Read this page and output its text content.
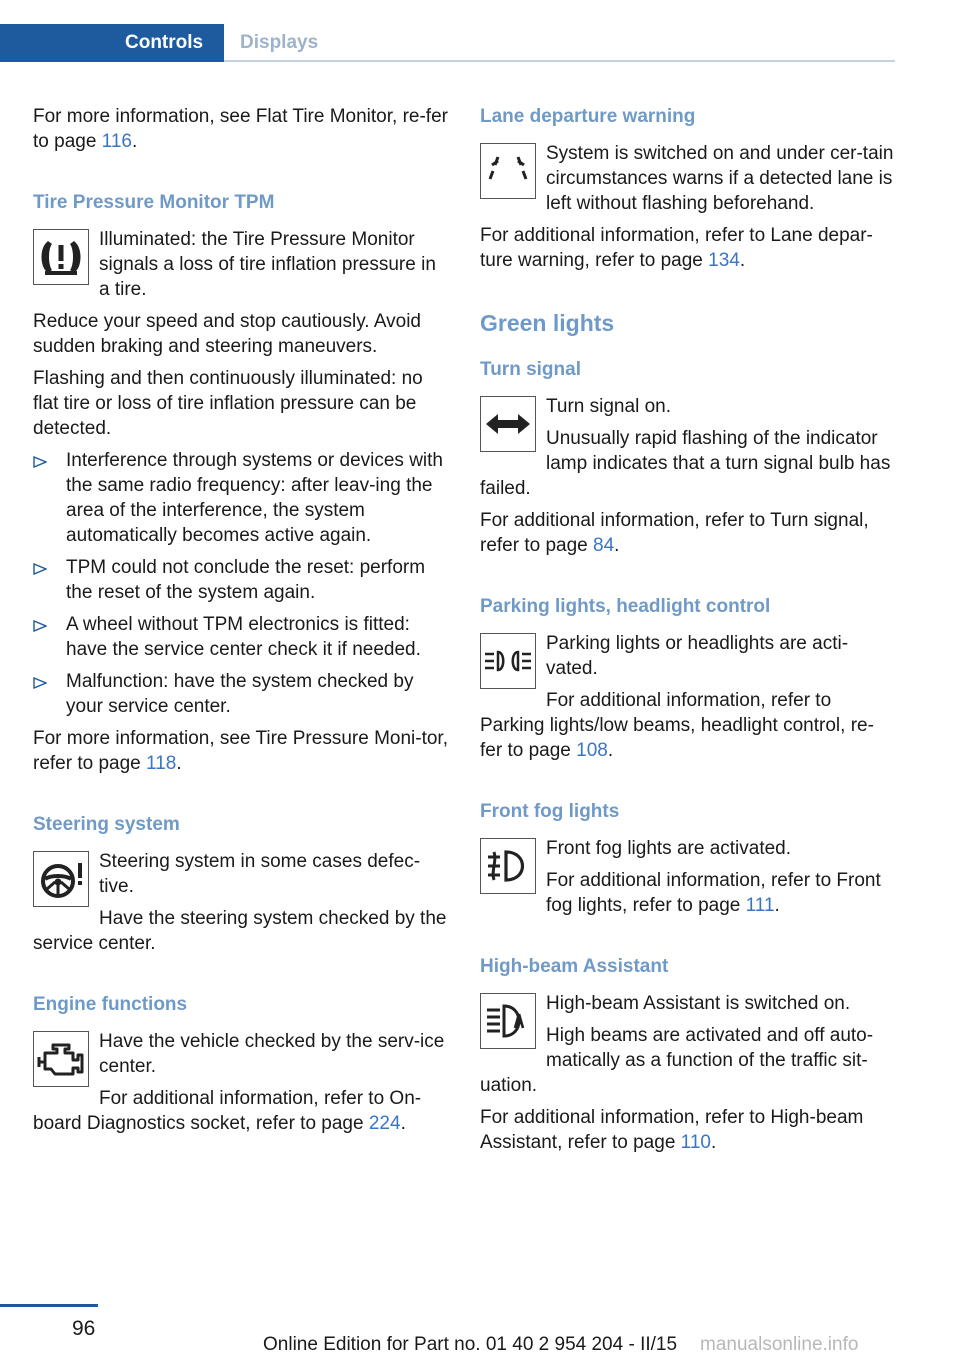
Controls	Displays

For more information, see Flat Tire Monitor, re-fer to page 116.

Tire Pressure Monitor TPM

Illuminated: the Tire Pressure Monitor signals a loss of tire inflation pressure in a tire.

Reduce your speed and stop cautiously. Avoid sudden braking and steering maneuvers.

Flashing and then continuously illuminated: no flat tire or loss of tire inflation pressure can be detected.

Interference through systems or devices with the same radio frequency: after leav-ing the area of the interference, the system automatically becomes active again.
TPM could not conclude the reset: perform the reset of the system again.
A wheel without TPM electronics is fitted: have the service center check it if needed.
Malfunction: have the system checked by your service center.

For more information, see Tire Pressure Moni-tor, refer to page 118.

Steering system

Steering system in some cases defec-tive.

Have the steering system checked by the service center.

Engine functions

Have the vehicle checked by the serv-ice center.

For additional information, refer to On-board Diagnostics socket, refer to page 224.

Lane departure warning

System is switched on and under cer-tain circumstances warns if a detected lane is left without flashing beforehand.

For additional information, refer to Lane depar-ture warning, refer to page 134.

Green lights
Turn signal

Turn signal on.

Unusually rapid flashing of the indicator lamp indicates that a turn signal bulb has failed.

For additional information, refer to Turn signal, refer to page 84.

Parking lights, headlight control

Parking lights or headlights are acti-vated.

For additional information, refer to Parking lights/low beams, headlight control, re-fer to page 108.

Front fog lights

Front fog lights are activated.

For additional information, refer to Front fog lights, refer to page 111.

High-beam Assistant

High-beam Assistant is switched on.

High beams are activated and off auto-matically as a function of the traffic sit-uation.

For additional information, refer to High-beam Assistant, refer to page 110.

96
Online Edition for Part no. 01 40 2 954 204 - II/15 manualsonline.info
